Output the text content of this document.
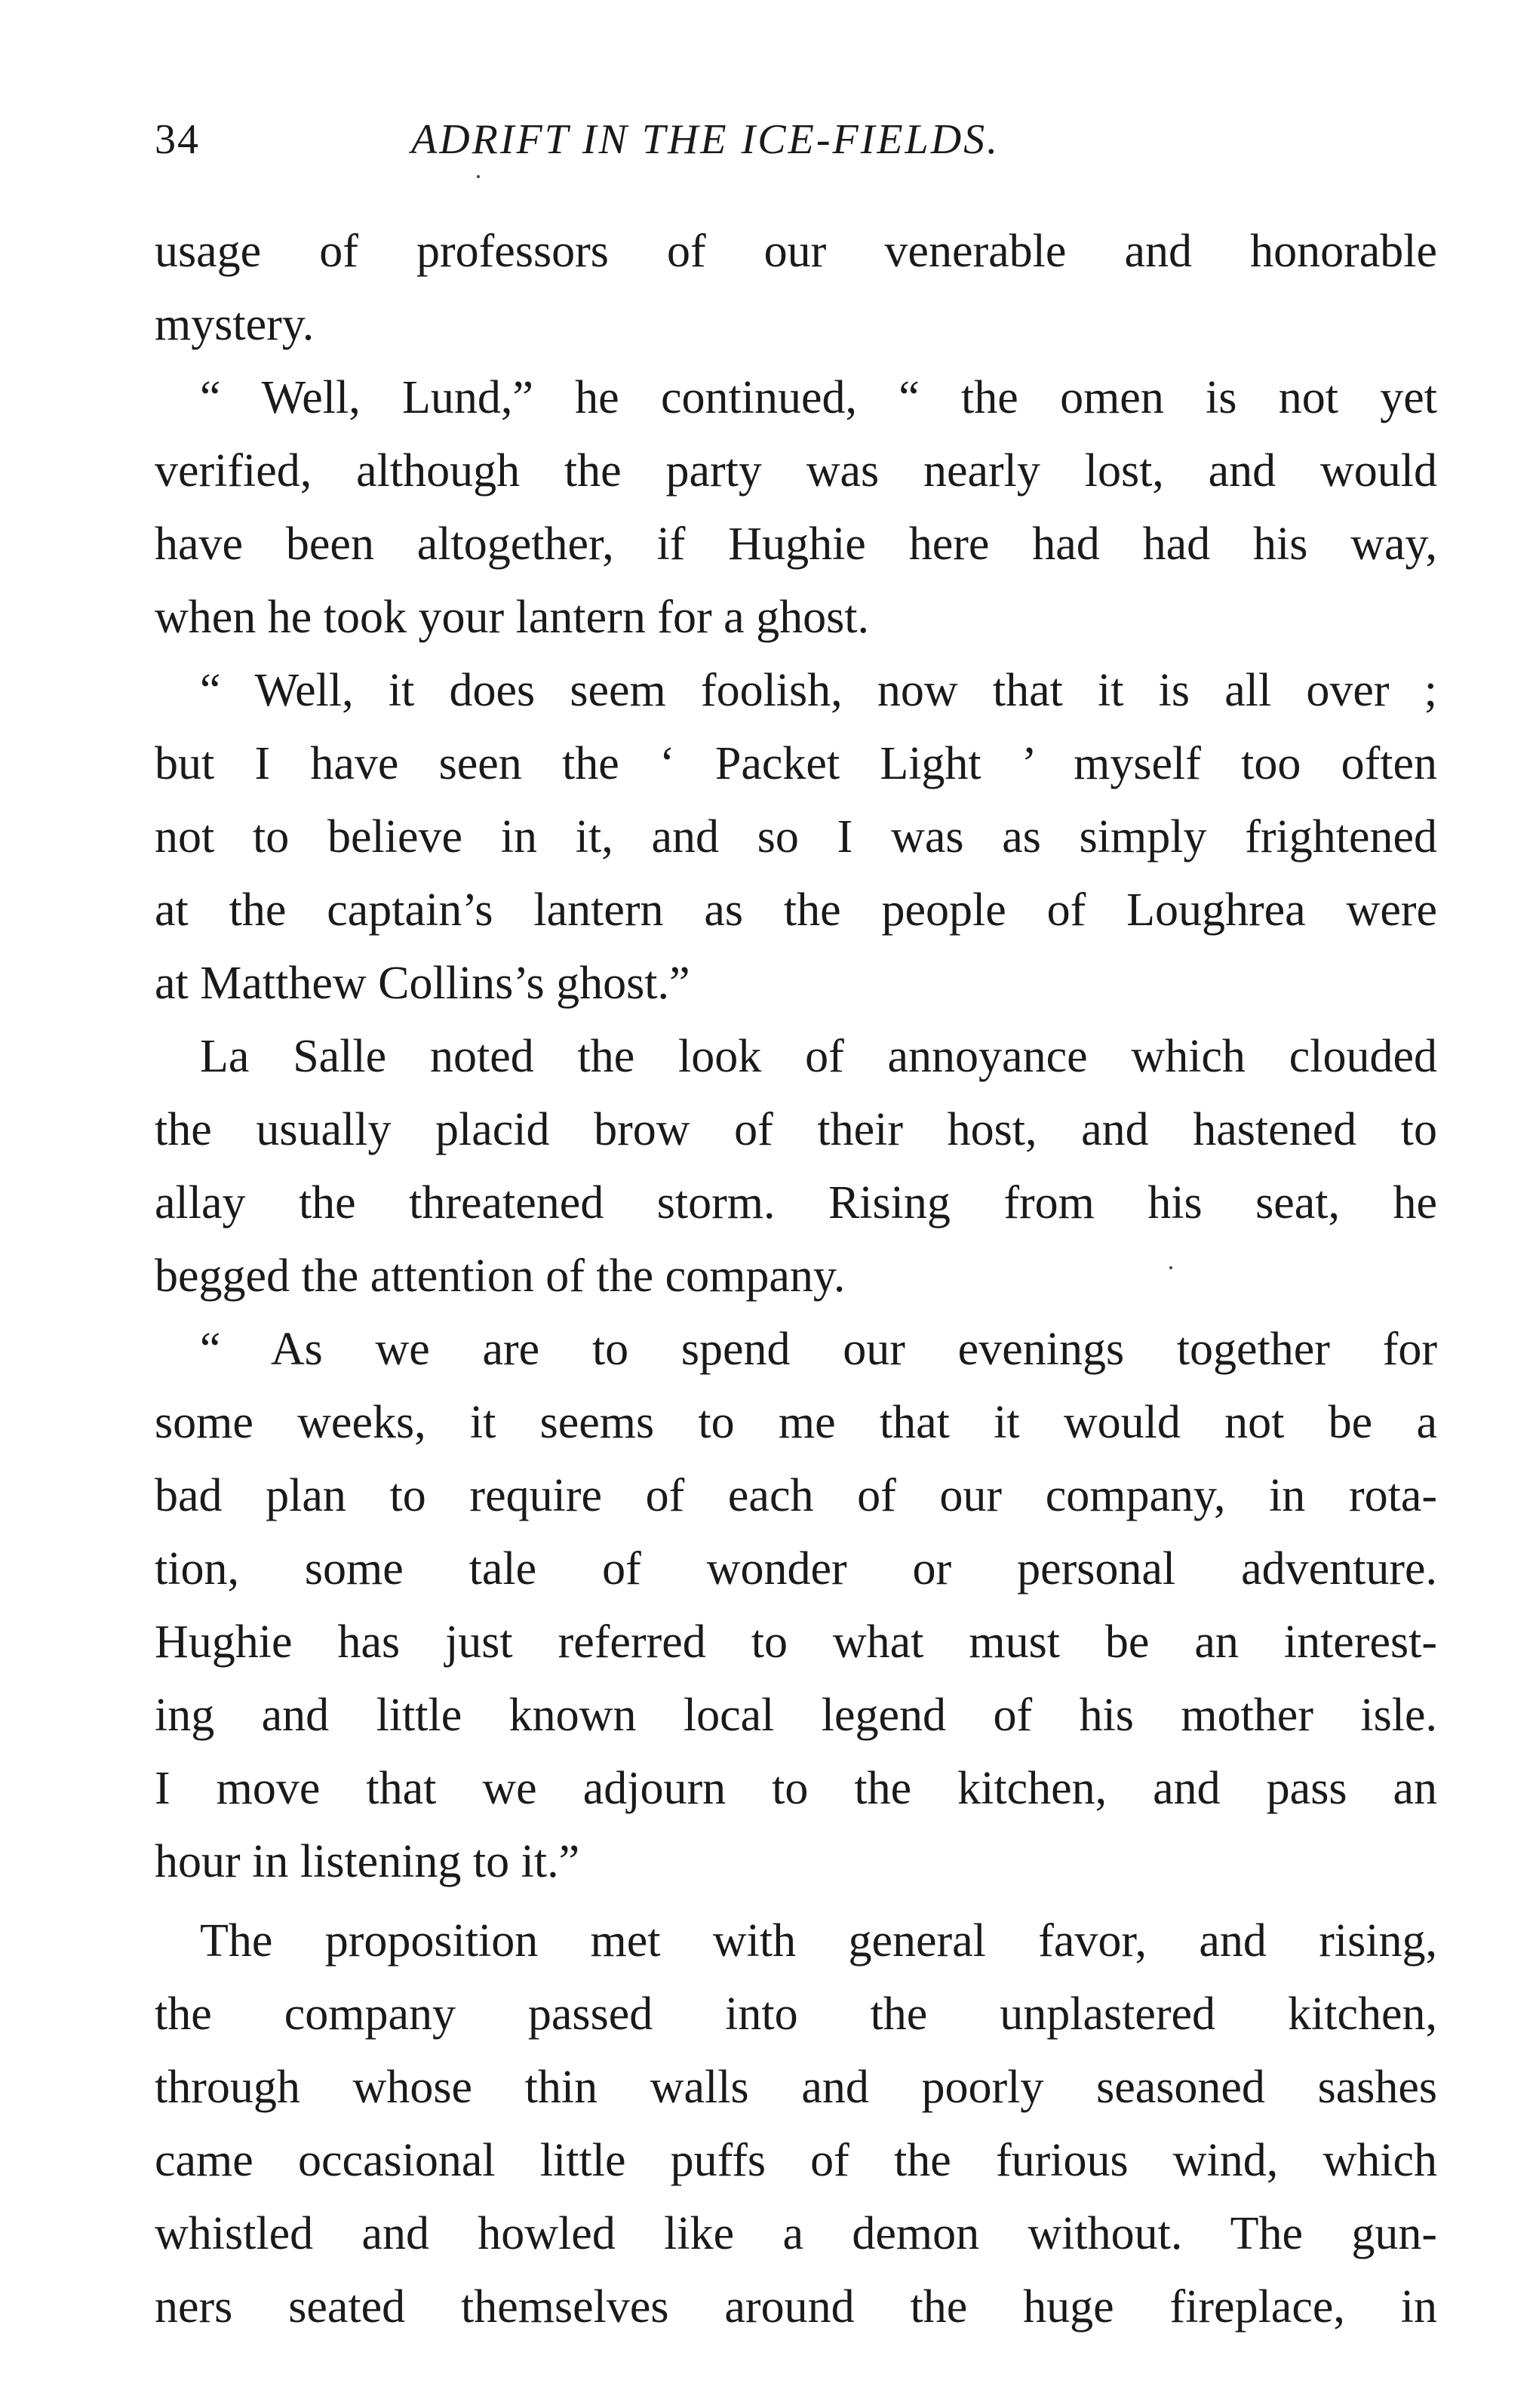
34	ADRIFT IN THE ICE-FIELDS.
usage of professors of our venerable and honorable
mystery.
“ Well, Lund,” he continued, “ the omen is not yet
verified, although the party was nearly lost, and would
have been altogether, if Hughie here had had his way,
when he took your lantern for a ghost.
“ Well, it does seem foolish, now that it is all over ;
but I have seen the ‘ Packet Light ’ myself too often
not to believe in it, and so I was as simply frightened
at the captain’s lantern as the people of Loughrea were
at Matthew Collins’s ghost.”
La Salle noted the look of annoyance which clouded
the usually placid brow of their host, and hastened to
allay the threatened storm. Rising from his seat, he
begged the attention of the company.
“ As we are to spend our evenings together for
some weeks, it seems to me that it would not be a
bad plan to require of each of our company, in rota-
tion, some tale of wonder or personal adventure.
Hughie has just referred to what must be an interest-
ing and little known local legend of his mother isle.
I move that we adjourn to the kitchen, and pass an
hour in listening to it.”
The proposition met with general favor, and rising,
the company passed into the unplastered kitchen,
through whose thin walls and poorly seasoned sashes
came occasional little puffs of the furious wind, which
whistled and howled like a demon without. The gun-
ners seated themselves around the huge fireplace, in
